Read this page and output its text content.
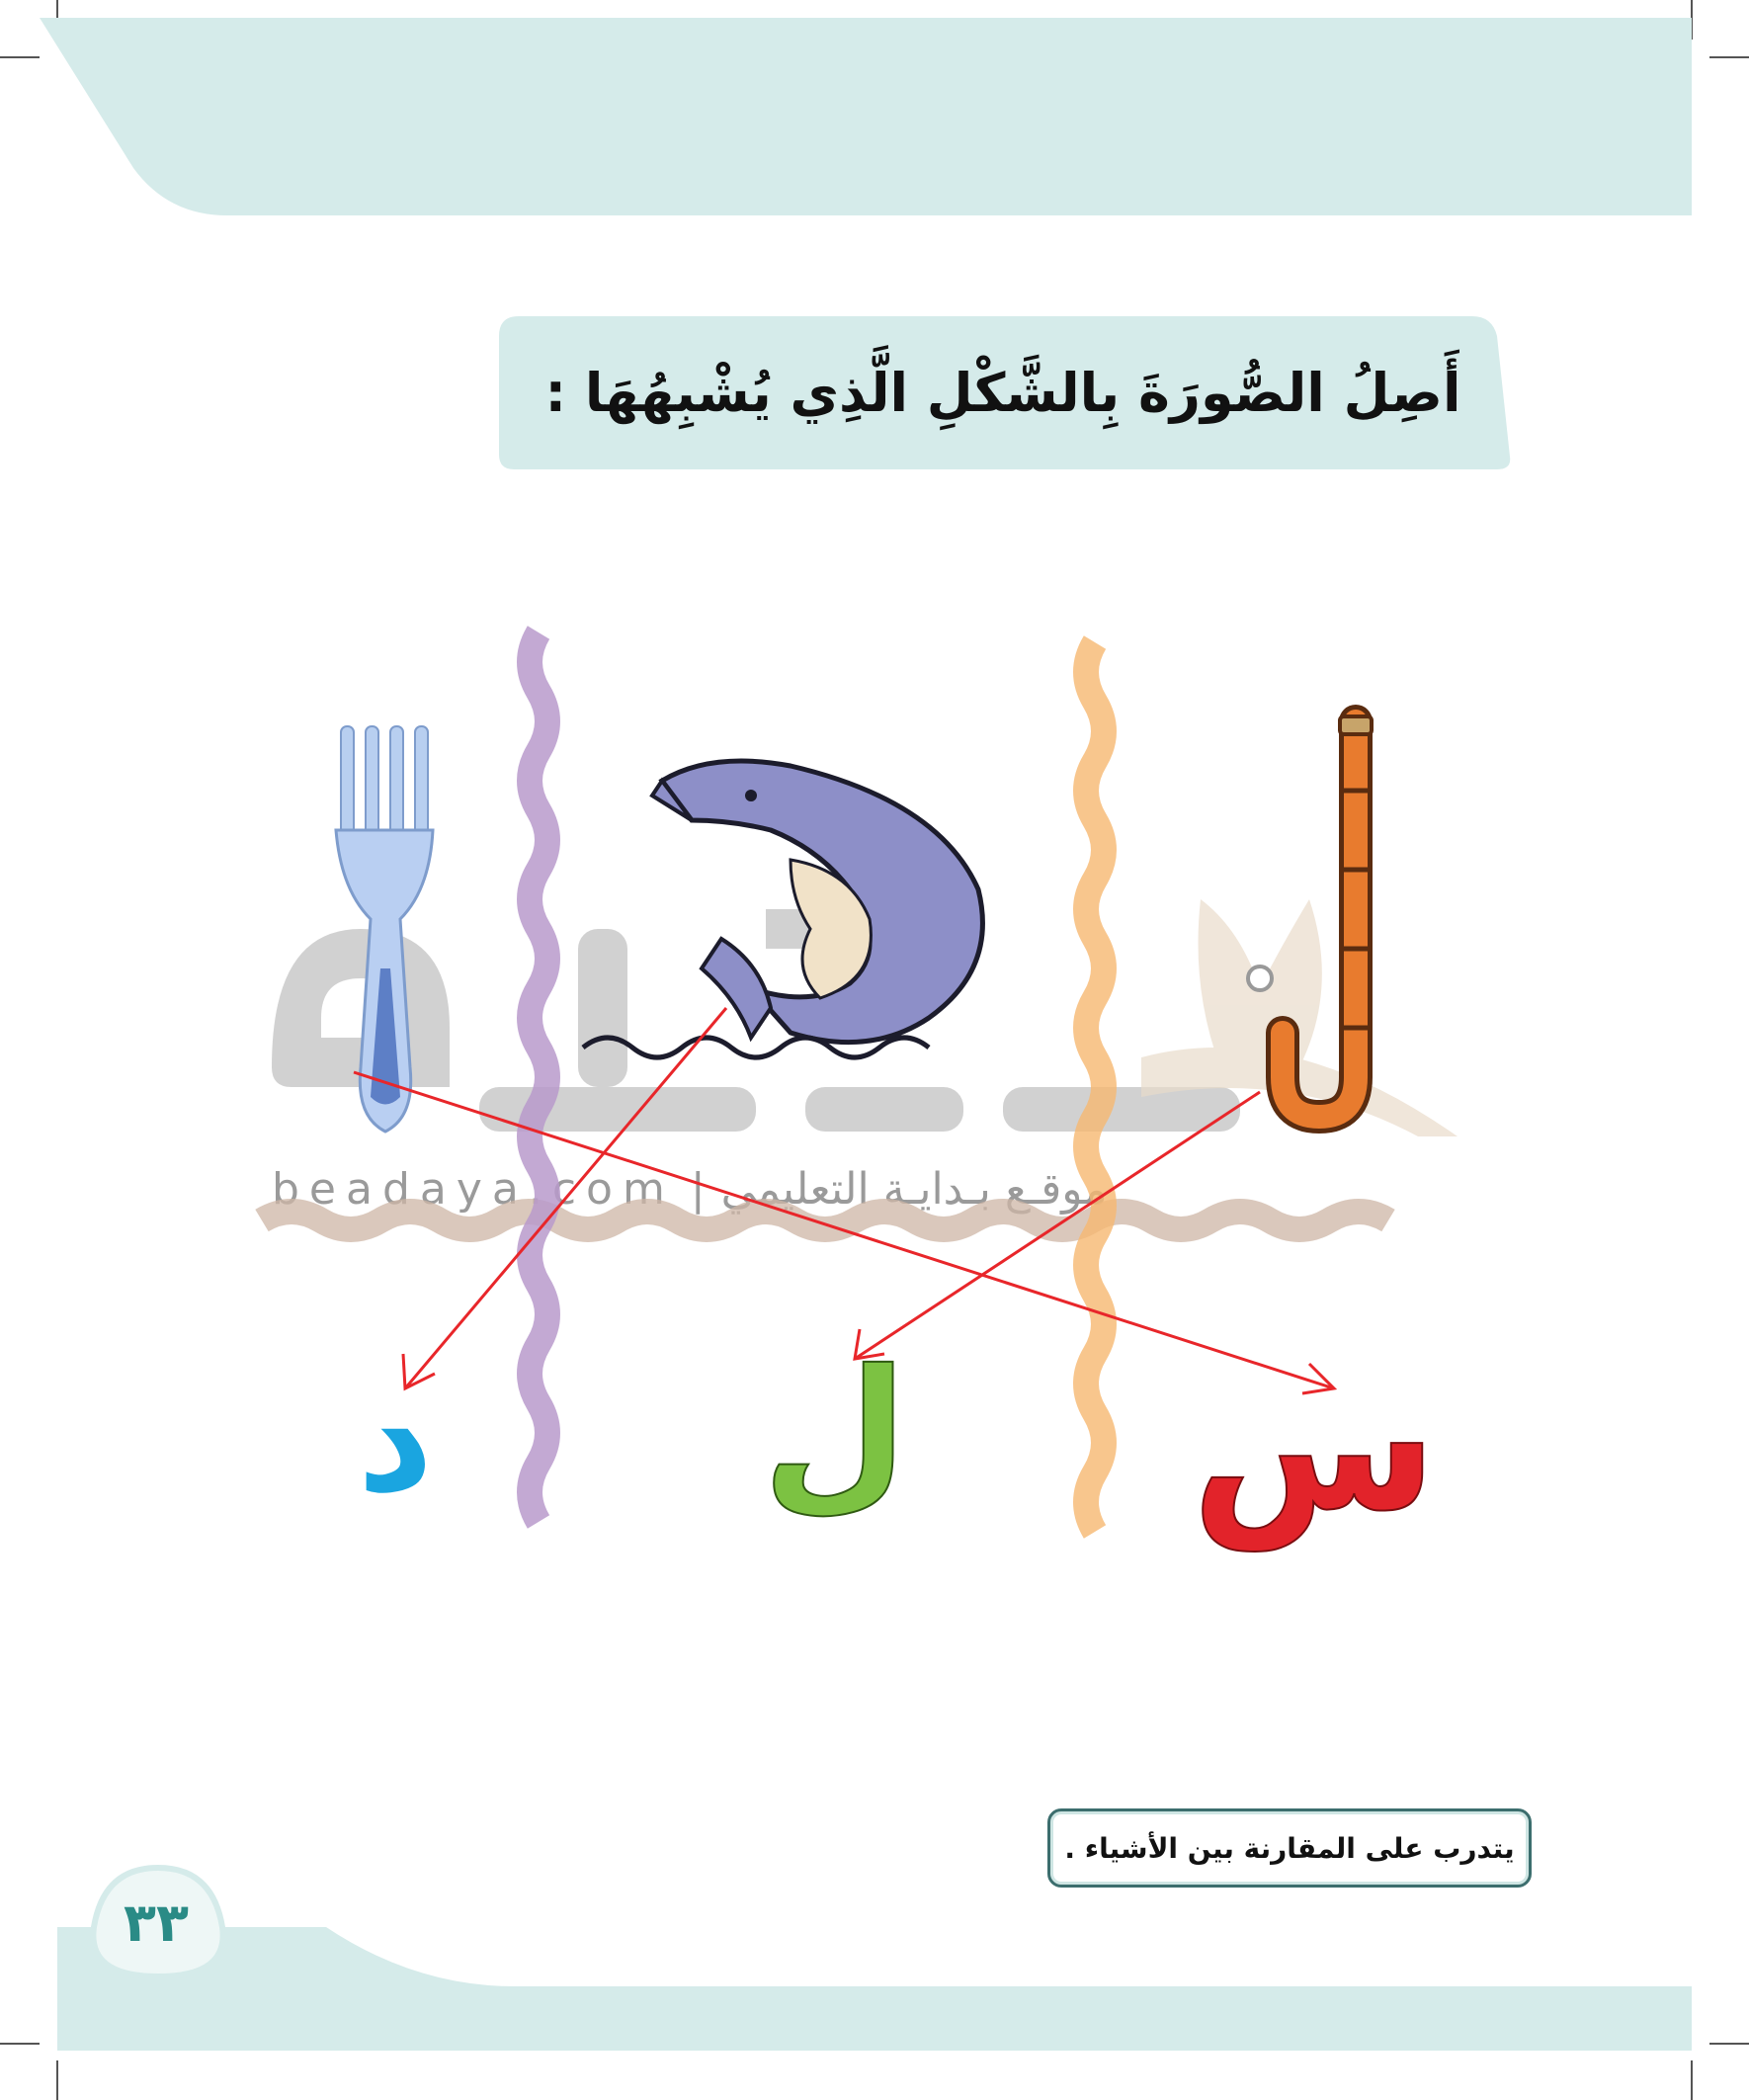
أَصِلُ الصُّورَةَ بِالشَّكْلِ الَّذِي يُشْبِهُهَا :
beadaya.com | موقـع بـدايـة التعليمي
د ل س
يتدرب على المقارنة بين الأشياء .
٣٣
